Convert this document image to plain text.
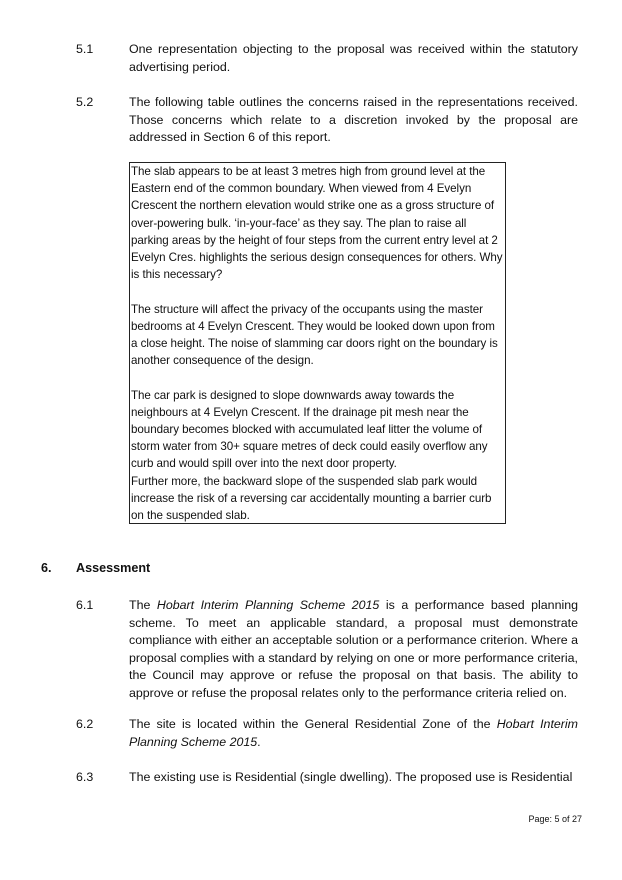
5.1	One representation objecting to the proposal was received within the statutory advertising period.
5.2	The following table outlines the concerns raised in the representations received. Those concerns which relate to a discretion invoked by the proposal are addressed in Section 6 of this report.

The slab appears to be at least 3 metres high from ground level at the Eastern end of the common boundary. When viewed from 4 Evelyn Crescent the northern elevation would strike one as a gross structure of over-powering bulk. ‘in-your-face’ as they say. The plan to raise all parking areas by the height of four steps from the current entry level at 2 Evelyn Cres. highlights the serious design consequences for others. Why is this necessary?

The structure will affect the privacy of the occupants using the master bedrooms at 4 Evelyn Crescent. They would be looked down upon from a close height. The noise of slamming car doors right on the boundary is another consequence of the design.

The car park is designed to slope downwards away towards the neighbours at 4 Evelyn Crescent. If the drainage pit mesh near the boundary becomes blocked with accumulated leaf litter the volume of storm water from 30+ square metres of deck could easily overflow any curb and would spill over into the next door property.

Further more, the backward slope of the suspended slab park would increase the risk of a reversing car accidentally mounting a barrier curb on the suspended slab.

6. Assessment
6.1	The Hobart Interim Planning Scheme 2015 is a performance based planning scheme. To meet an applicable standard, a proposal must demonstrate compliance with either an acceptable solution or a performance criterion. Where a proposal complies with a standard by relying on one or more performance criteria, the Council may approve or refuse the proposal on that basis. The ability to approve or refuse the proposal relates only to the performance criteria relied on.
6.2	The site is located within the General Residential Zone of the Hobart Interim Planning Scheme 2015.
6.3	The existing use is Residential (single dwelling). The proposed use is Residential
Page: 5 of 27
